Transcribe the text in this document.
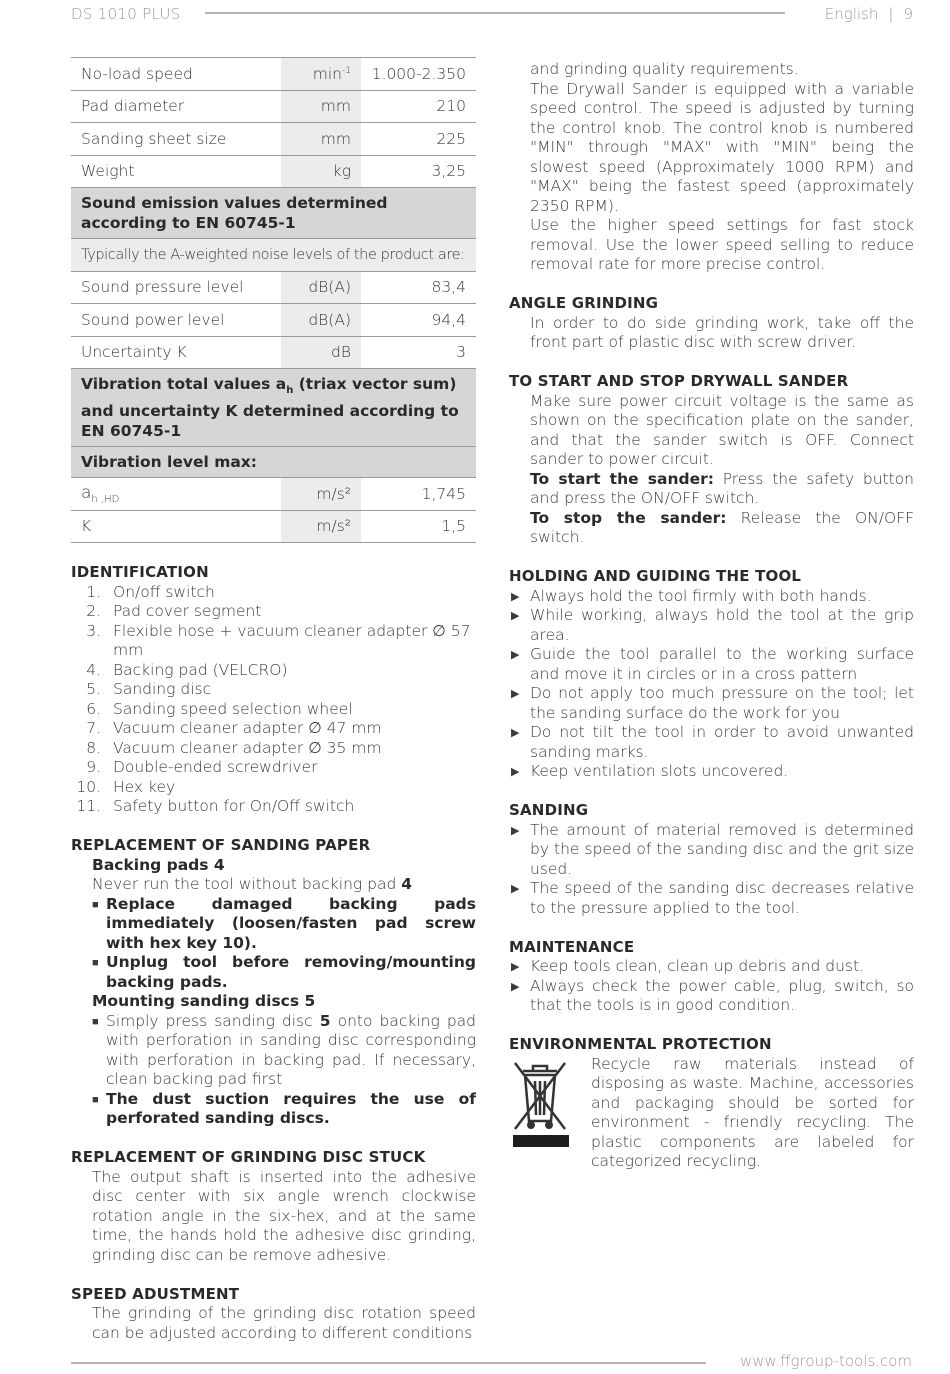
DS 1010 PLUS	English | 9
No-load speed	$\min^{-1}$	1.000-2.350
Pad diameter	mm	210
Sanding sheet size	mm	225
Weight	kg	3,25
Sound emission values determined according to EN 60745-1		
Typically the A-weighted noise levels of the product are:		
Sound pressure level	dB(A)	83,4
Sound power level	dB(A)	94,4
Uncertainty K	dB	3
Vibration total values $a_h$ (triax vector sum) and uncertainty K determined according to EN 60745-1		
Vibration level max:		
$a_{h ,HD}$	m/s²	1,745
K	m/s²	1,5
IDENTIFICATION
1. On/off switch
2. Pad cover segment
3. Flexible hose + vacuum cleaner adapter ∅ 57 mm
4. Backing pad (VELCRO)
5. Sanding disc
6. Sanding speed selection wheel
7. Vacuum cleaner adapter ∅ 47 mm
8. Vacuum cleaner adapter ∅ 35 mm
9. Double-ended screwdriver
10. Hex key
11. Safety button for On/Off switch
REPLACEMENT OF SANDING PAPER
Backing pads 4
Never run the tool without backing pad 4
■ Replace damaged backing pads immediately (loosen/fasten pad screw with hex key 10).
■ Unplug tool before removing/mounting backing pads.
Mounting sanding discs 5
■ Simply press sanding disc 5 onto backing pad with perforation in sanding disc corresponding with perforation in backing pad. If necessary, clean backing pad first
■ The dust suction requires the use of perforated sanding discs.
REPLACEMENT OF GRINDING DISC STUCK

The output shaft is inserted into the adhesive disc center with six angle wrench clockwise rotation angle in the six-hex, and at the same time, the hands hold the adhesive disc grinding, grinding disc can be remove adhesive.

SPEED ADUSTMENT

The grinding of the grinding disc rotation speed can be adjusted according to different conditions

and grinding quality requirements.

The Drywall Sander is equipped with a variable speed control. The speed is adjusted by turning the control knob. The control knob is numbered "MIN" through "MAX" with "MIN" being the slowest speed (Approximately 1000 RPM) and "MAX" being the fastest speed (approximately 2350 RPM).

Use the higher speed settings for fast stock removal. Use the lower speed selling to reduce removal rate for more precise control.

ANGLE GRINDING

In order to do side grinding work, take off the front part of plastic disc with screw driver.

TO START AND STOP DRYWALL SANDER

Make sure power circuit voltage is the same as shown on the specification plate on the sander, and that the sander switch is OFF. Connect sander to power circuit.

To start the sander: Press the safety button and press the ON/OFF switch.

To stop the sander: Release the ON/OFF switch.

HOLDING AND GUIDING THE TOOL
▶ Always hold the tool firmly with both hands.
▶ While working, always hold the tool at the grip area.
▶ Guide the tool parallel to the working surface and move it in circles or in a cross pattern
▶ Do not apply too much pressure on the tool; let the sanding surface do the work for you
▶ Do not tilt the tool in order to avoid unwanted sanding marks.
▶ Keep ventilation slots uncovered.
SANDING
▶ The amount of material removed is determined by the speed of the sanding disc and the grit size used.
▶ The speed of the sanding disc decreases relative to the pressure applied to the tool.
MAINTENANCE
▶ Keep tools clean, clean up debris and dust.
▶ Always check the power cable, plug, switch, so that the tools is in good condition.
ENVIRONMENTAL PROTECTION

Recycle raw materials instead of disposing as waste. Machine, accessories and packaging should be sorted for environment - friendly recycling. The plastic components are labeled for categorized recycling.

www.ffgroup-tools.com
